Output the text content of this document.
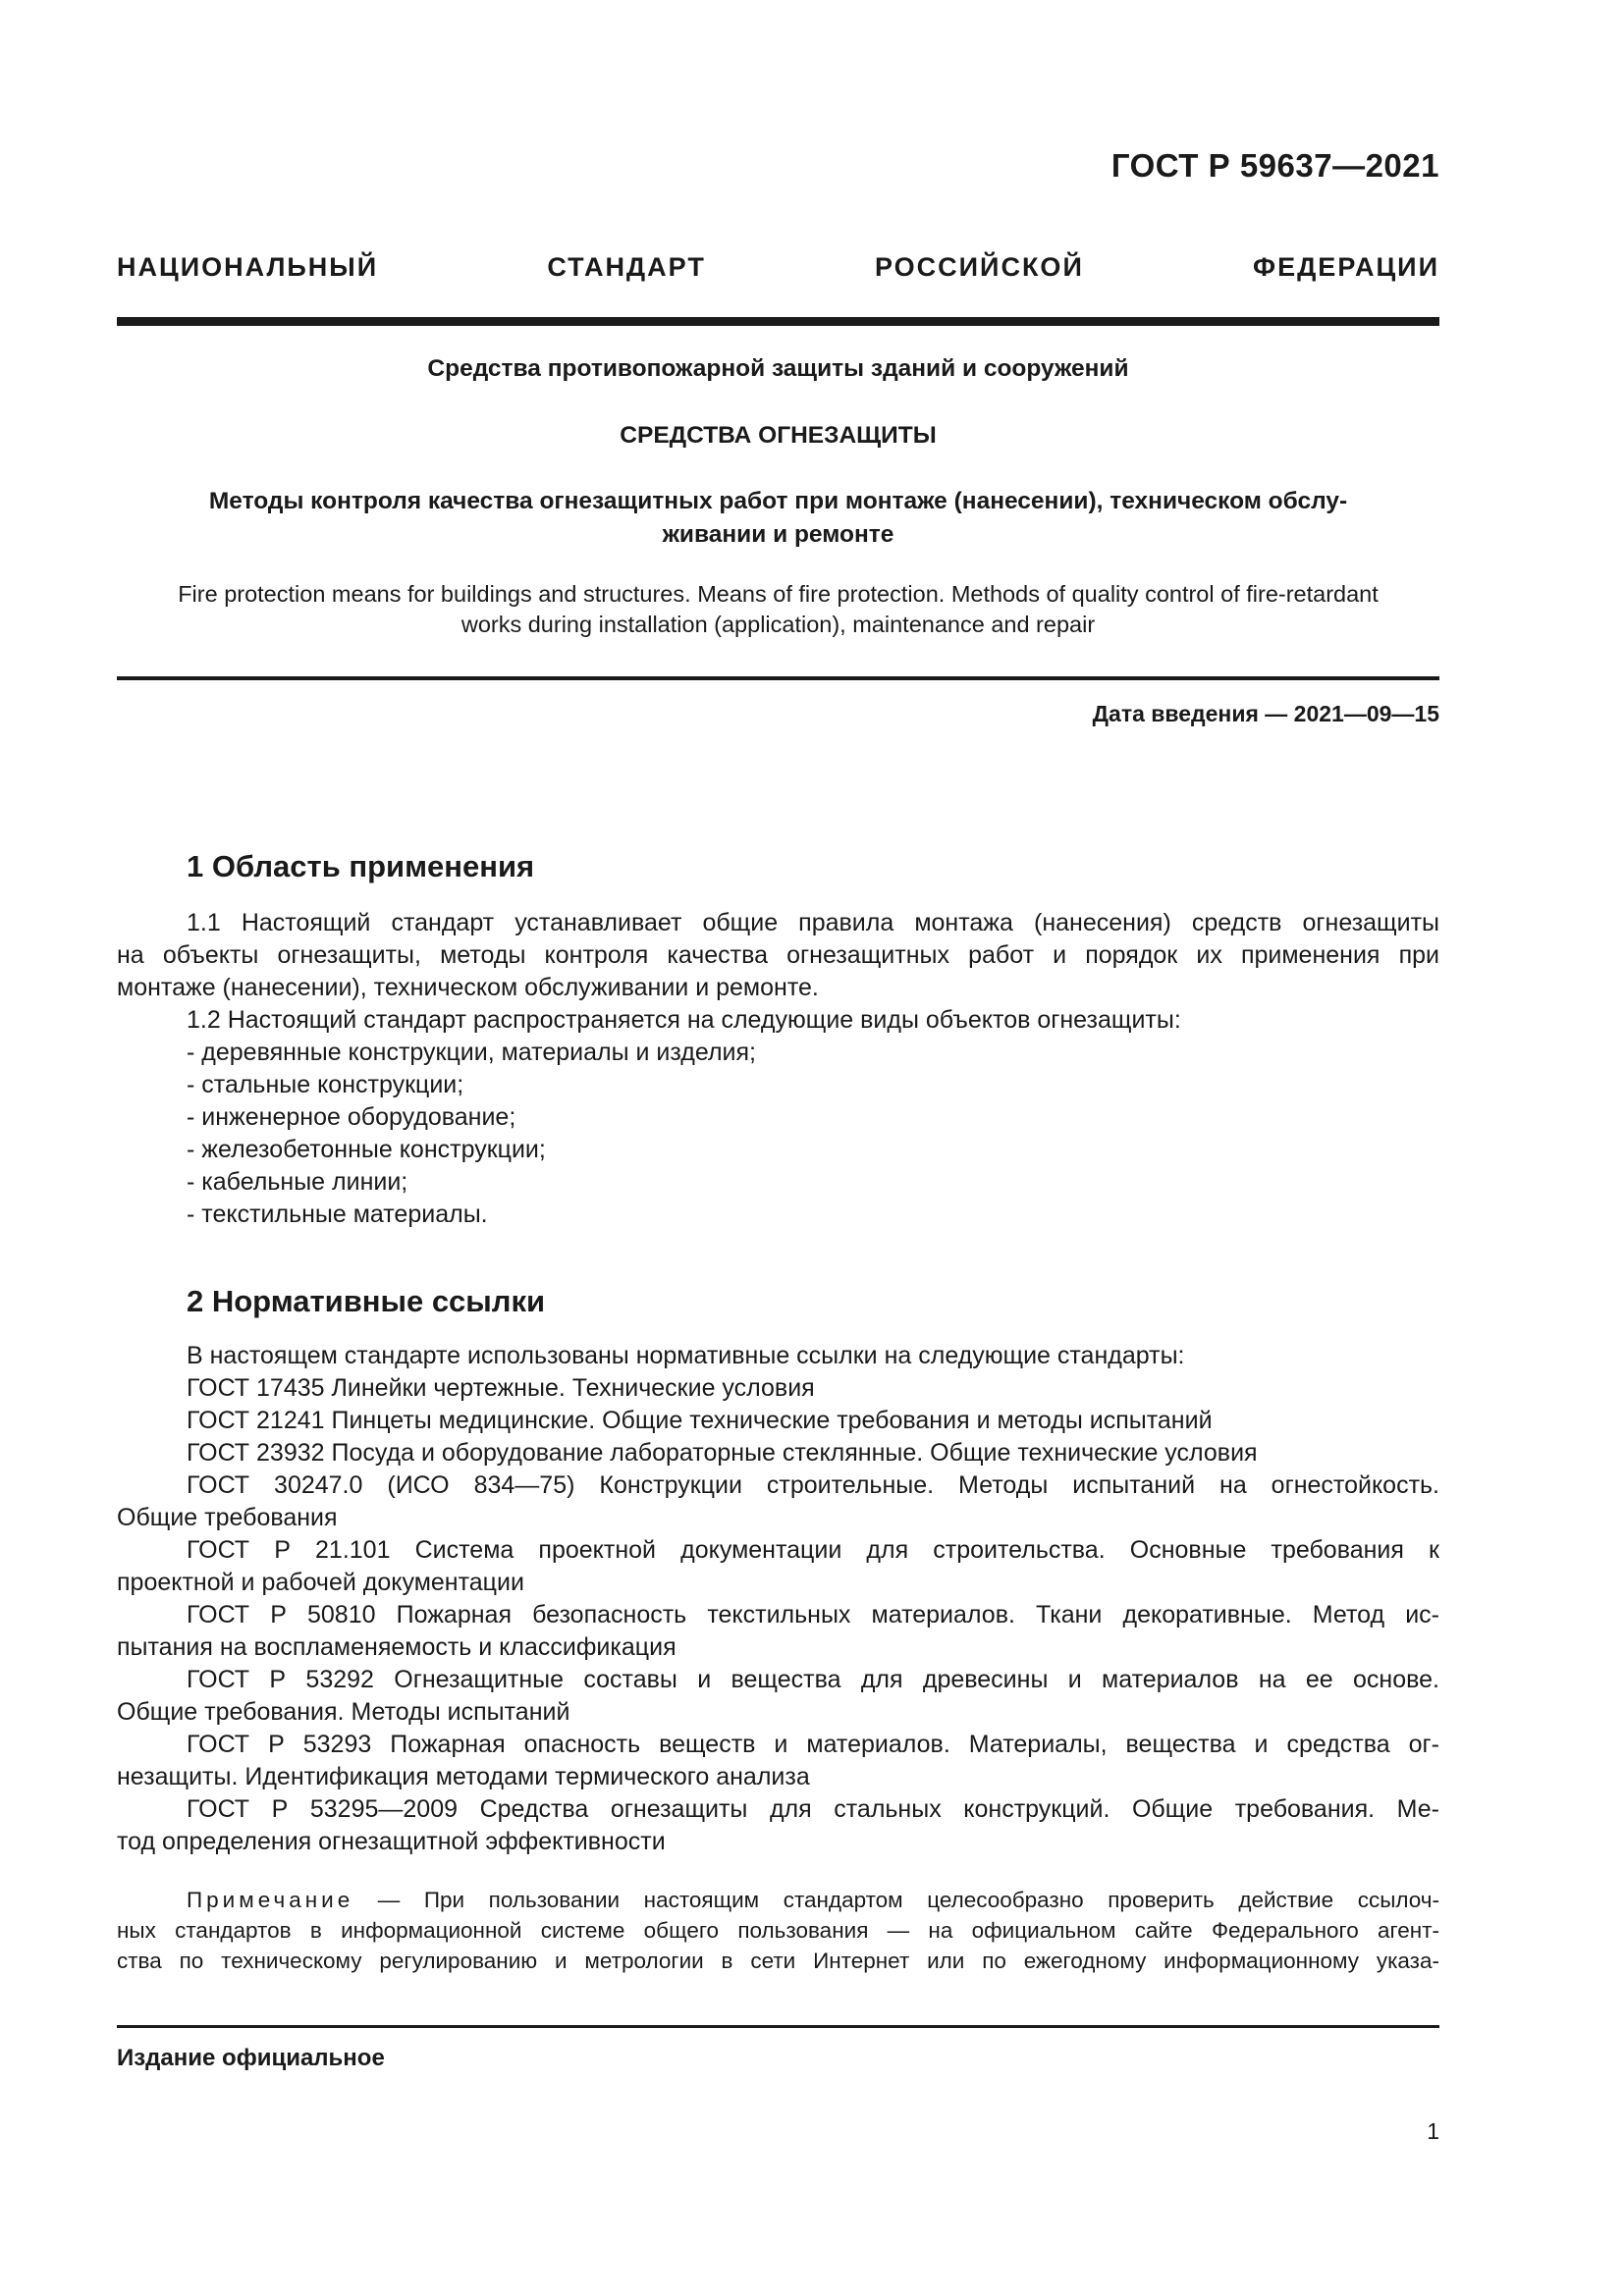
ГОСТ Р 59637—2021
НАЦИОНАЛЬНЫЙ СТАНДАРТ РОССИЙСКОЙ ФЕДЕРАЦИИ
Средства противопожарной защиты зданий и сооружений
СРЕДСТВА ОГНЕЗАЩИТЫ
Методы контроля качества огнезащитных работ при монтаже (нанесении), техническом обслу-
живании и ремонте
Fire protection means for buildings and structures. Means of fire protection. Methods of quality control of fire-retardant
works during installation (application), maintenance and repair
Дата введения — 2021—09—15
1 Область применения

1.1 Настоящий стандарт устанавливает общие правила монтажа (нанесения) средств огнезащиты

на объекты огнезащиты, методы контроля качества огнезащитных работ и порядок их применения при

монтаже (нанесении), техническом обслуживании и ремонте.

1.2 Настоящий стандарт распространяется на следующие виды объектов огнезащиты:

- деревянные конструкции, материалы и изделия;

- стальные конструкции;

- инженерное оборудование;

- железобетонные конструкции;

- кабельные линии;

- текстильные материалы.

2 Нормативные ссылки

В настоящем стандарте использованы нормативные ссылки на следующие стандарты:

ГОСТ 17435 Линейки чертежные. Технические условия

ГОСТ 21241 Пинцеты медицинские. Общие технические требования и методы испытаний

ГОСТ 23932 Посуда и оборудование лабораторные стеклянные. Общие технические условия

ГОСТ 30247.0 (ИСО 834—75) Конструкции строительные. Методы испытаний на огнестойкость.

Общие требования

ГОСТ Р 21.101 Система проектной документации для строительства. Основные требования к

проектной и рабочей документации

ГОСТ Р 50810 Пожарная безопасность текстильных материалов. Ткани декоративные. Метод ис-

пытания на воспламеняемость и классификация

ГОСТ Р 53292 Огнезащитные составы и вещества для древесины и материалов на ее основе.

Общие требования. Методы испытаний

ГОСТ Р 53293 Пожарная опасность веществ и материалов. Материалы, вещества и средства ог-

незащиты. Идентификация методами термического анализа

ГОСТ Р 53295—2009 Средства огнезащиты для стальных конструкций. Общие требования. Ме-

тод определения огнезащитной эффективности

Примечание — При пользовании настоящим стандартом целесообразно проверить действие ссылоч-

ных стандартов в информационной системе общего пользования — на официальном сайте Федерального агент-

ства по техническому регулированию и метрологии в сети Интернет или по ежегодному информационному указа-

Издание официальное
1
